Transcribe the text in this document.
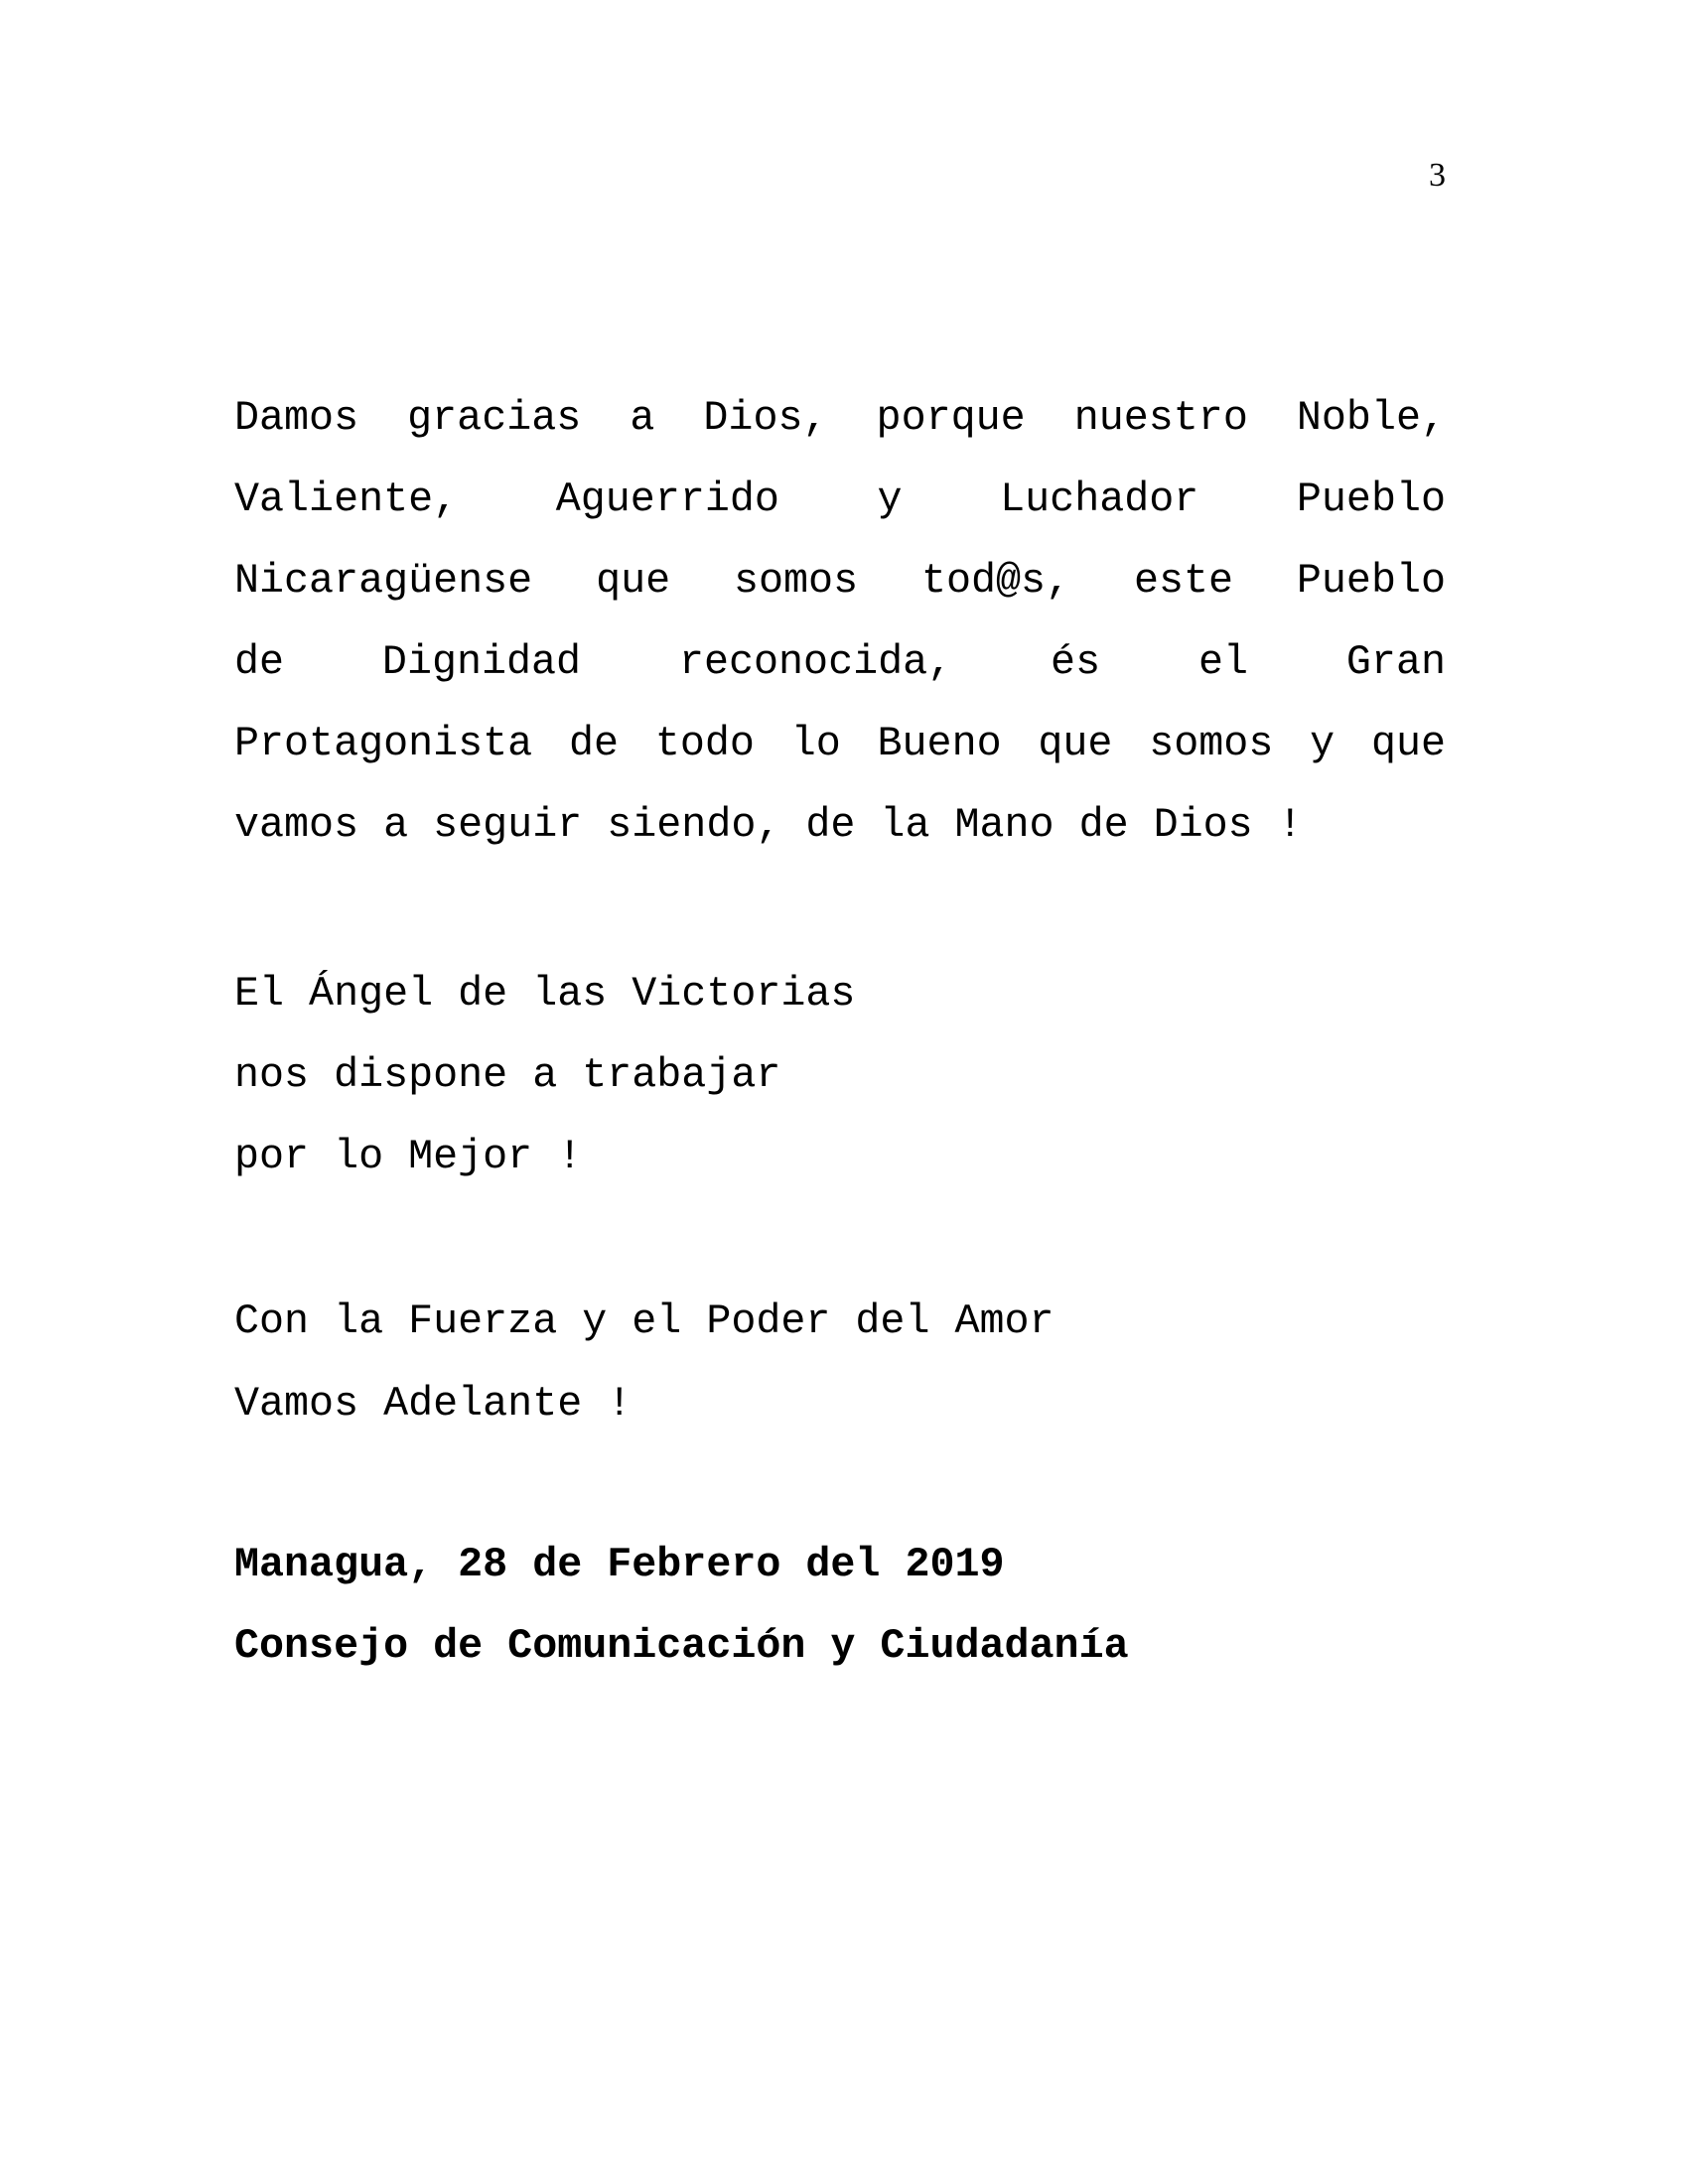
3
Damos gracias a Dios, porque nuestro Noble,
Valiente, Aguerrido y Luchador Pueblo
Nicaragüense que somos tod@s, este Pueblo
de Dignidad reconocida, és el Gran
Protagonista de todo lo Bueno que somos y que
vamos a seguir siendo, de la Mano de Dios !
El Ángel de las Victorias
nos dispone a trabajar
por lo Mejor !
Con la Fuerza y el Poder del Amor
Vamos Adelante !
Managua, 28 de Febrero del 2019
Consejo de Comunicación y Ciudadanía
